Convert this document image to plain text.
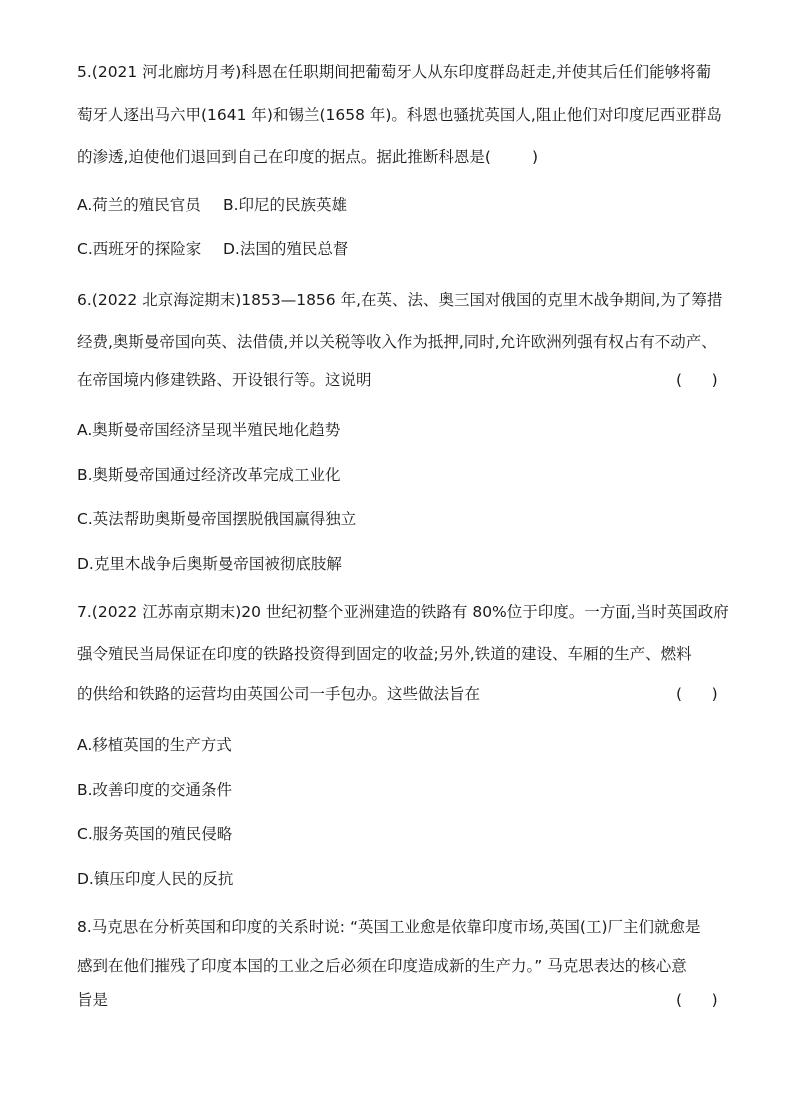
5.(2021 河北廊坊月考)科恩在任职期间把葡萄牙人从东印度群岛赶走,并使其后任们能够将葡
萄牙人逐出马六甲(1641 年)和锡兰(1658 年)。科恩也骚扰英国人,阻止他们对印度尼西亚群岛
的渗透,迫使他们退回到自己在印度的据点。据此推断科恩是(	)
A.荷兰的殖民官员 B.印尼的民族英雄
C.西班牙的探险家 D.法国的殖民总督
6.(2022 北京海淀期末)1853—1856 年,在英、法、奥三国对俄国的克里木战争期间,为了筹措
经费,奥斯曼帝国向英、法借债,并以关税等收入作为抵押,同时,允许欧洲列强有权占有不动产、
在帝国境内修建铁路、开设银行等。这说明	(      )
A.奥斯曼帝国经济呈现半殖民地化趋势
B.奥斯曼帝国通过经济改革完成工业化
C.英法帮助奥斯曼帝国摆脱俄国赢得独立
D.克里木战争后奥斯曼帝国被彻底肢解
7.(2022 江苏南京期末)20 世纪初整个亚洲建造的铁路有 80%位于印度。一方面,当时英国政府
强令殖民当局保证在印度的铁路投资得到固定的收益;另外,铁道的建设、车厢的生产、燃料
的供给和铁路的运营均由英国公司一手包办。这些做法旨在	(      )
A.移植英国的生产方式
B.改善印度的交通条件
C.服务英国的殖民侵略
D.镇压印度人民的反抗
8.马克思在分析英国和印度的关系时说: “英国工业愈是依靠印度市场,英国(工)厂主们就愈是
感到在他们摧残了印度本国的工业之后必须在印度造成新的生产力。” 马克思表达的核心意
旨是	(      )
